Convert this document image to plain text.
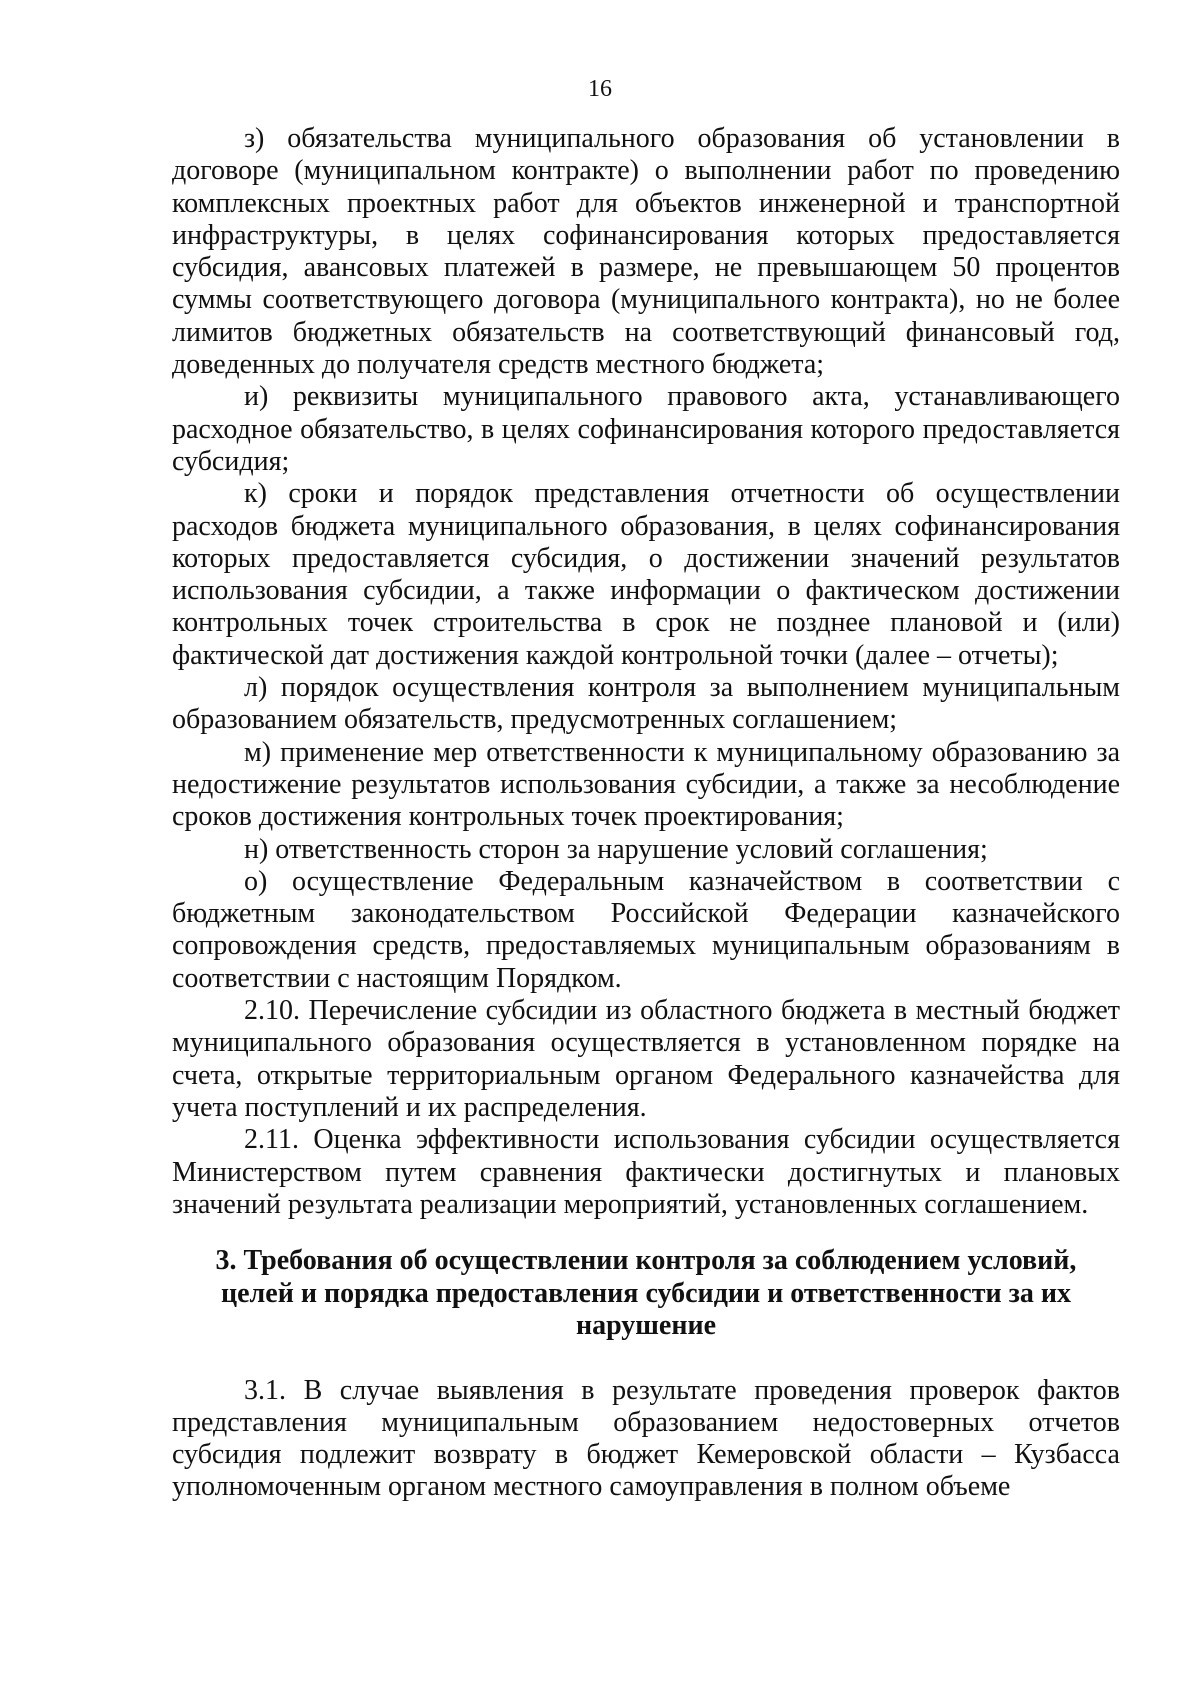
16

з) обязательства муниципального образования об установлении в договоре (муниципальном контракте) о выполнении работ по проведению комплексных проектных работ для объектов инженерной и транспортной инфраструктуры, в целях софинансирования которых предоставляется субсидия, авансовых платежей в размере, не превышающем 50 процентов суммы соответствующего договора (муниципального контракта), но не более лимитов бюджетных обязательств на соответствующий финансовый год, доведенных до получателя средств местного бюджета;

и) реквизиты муниципального правового акта, устанавливающего расходное обязательство, в целях софинансирования которого предоставляется субсидия;

к) сроки и порядок представления отчетности об осуществлении расходов бюджета муниципального образования, в целях софинансирования которых предоставляется субсидия, о достижении значений результатов использования субсидии, а также информации о фактическом достижении контрольных точек строительства в срок не позднее плановой и (или) фактической дат достижения каждой контрольной точки (далее – отчеты);

л) порядок осуществления контроля за выполнением муниципальным образованием обязательств, предусмотренных соглашением;

м) применение мер ответственности к муниципальному образованию за недостижение результатов использования субсидии, а также за несоблюдение сроков достижения контрольных точек проектирования;

н) ответственность сторон за нарушение условий соглашения;

о) осуществление Федеральным казначейством в соответствии с бюджетным законодательством Российской Федерации казначейского сопровождения средств, предоставляемых муниципальным образованиям в соответствии с настоящим Порядком.

2.10. Перечисление субсидии из областного бюджета в местный бюджет муниципального образования осуществляется в установленном порядке на счета, открытые территориальным органом Федерального казначейства для учета поступлений и их распределения.

2.11. Оценка эффективности использования субсидии осуществляется Министерством путем сравнения фактически достигнутых и плановых значений результата реализации мероприятий, установленных соглашением.

3. Требования об осуществлении контроля за соблюдением условий, целей и порядка предоставления субсидии и ответственности за их нарушение

3.1. В случае выявления в результате проведения проверок фактов представления муниципальным образованием недостоверных отчетов субсидия подлежит возврату в бюджет Кемеровской области – Кузбасса уполномоченным органом местного самоуправления в полном объеме
